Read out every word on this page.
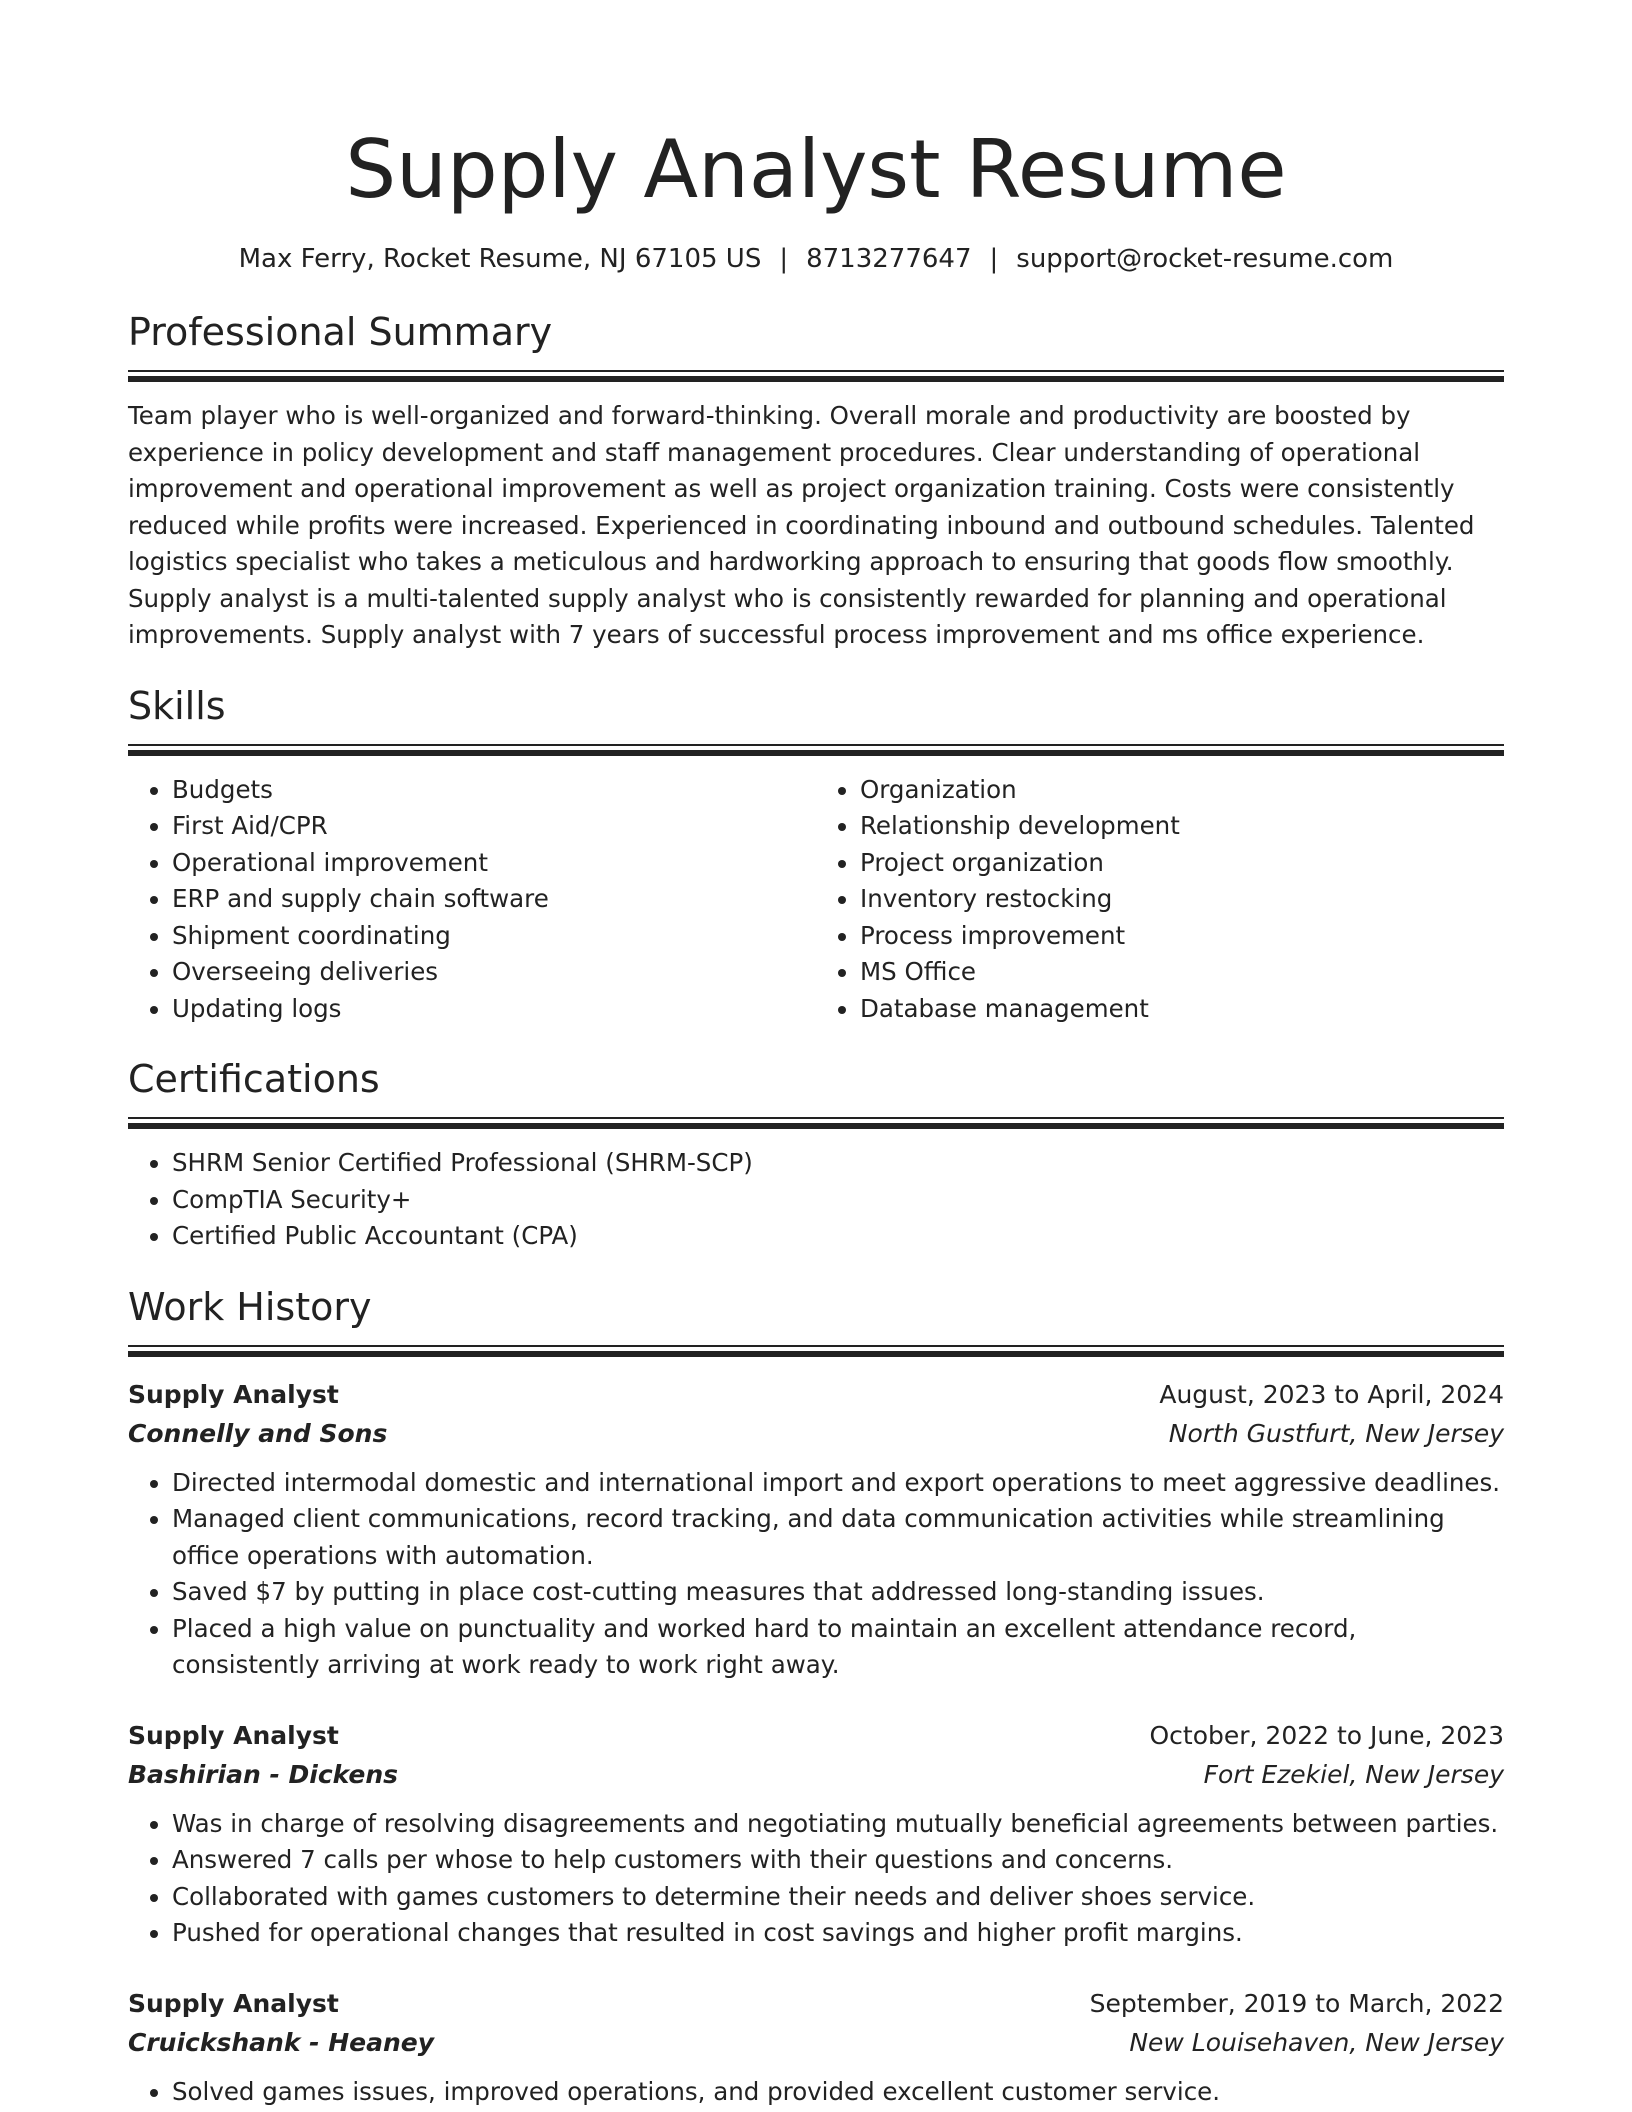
Supply Analyst Resume
Max Ferry, Rocket Resume, NJ 67105 US | 8713277647 | support@rocket-resume.com
Professional Summary

Team player who is well-organized and forward-thinking. Overall morale and productivity are boosted by experience in policy development and staff management procedures. Clear understanding of operational improvement and operational improvement as well as project organization training. Costs were consistently reduced while profits were increased. Experienced in coordinating inbound and outbound schedules. Talented logistics specialist who takes a meticulous and hardworking approach to ensuring that goods flow smoothly. Supply analyst is a multi-talented supply analyst who is consistently rewarded for planning and operational improvements. Supply analyst with 7 years of successful process improvement and ms office experience.

Skills
• Budgets
• First Aid/CPR
• Operational improvement
• ERP and supply chain software
• Shipment coordinating
• Overseeing deliveries
• Updating logs
• Organization
• Relationship development
• Project organization
• Inventory restocking
• Process improvement
• MS Office
• Database management
Certifications
• SHRM Senior Certified Professional (SHRM-SCP)
• CompTIA Security+
• Certified Public Accountant (CPA)
Work History
Supply Analyst	August, 2023 to April, 2024
Connelly and Sons	North Gustfurt, New Jersey
• Directed intermodal domestic and international import and export operations to meet aggressive deadlines.
• Managed client communications, record tracking, and data communication activities while streamlining office operations with automation.
• Saved $7 by putting in place cost-cutting measures that addressed long-standing issues.
• Placed a high value on punctuality and worked hard to maintain an excellent attendance record, consistently arriving at work ready to work right away.
Supply Analyst	October, 2022 to June, 2023
Bashirian - Dickens	Fort Ezekiel, New Jersey
• Was in charge of resolving disagreements and negotiating mutually beneficial agreements between parties.
• Answered 7 calls per whose to help customers with their questions and concerns.
• Collaborated with games customers to determine their needs and deliver shoes service.
• Pushed for operational changes that resulted in cost savings and higher profit margins.
Supply Analyst	September, 2019 to March, 2022
Cruickshank - Heaney	New Louisehaven, New Jersey
• Solved games issues, improved operations, and provided excellent customer service.
